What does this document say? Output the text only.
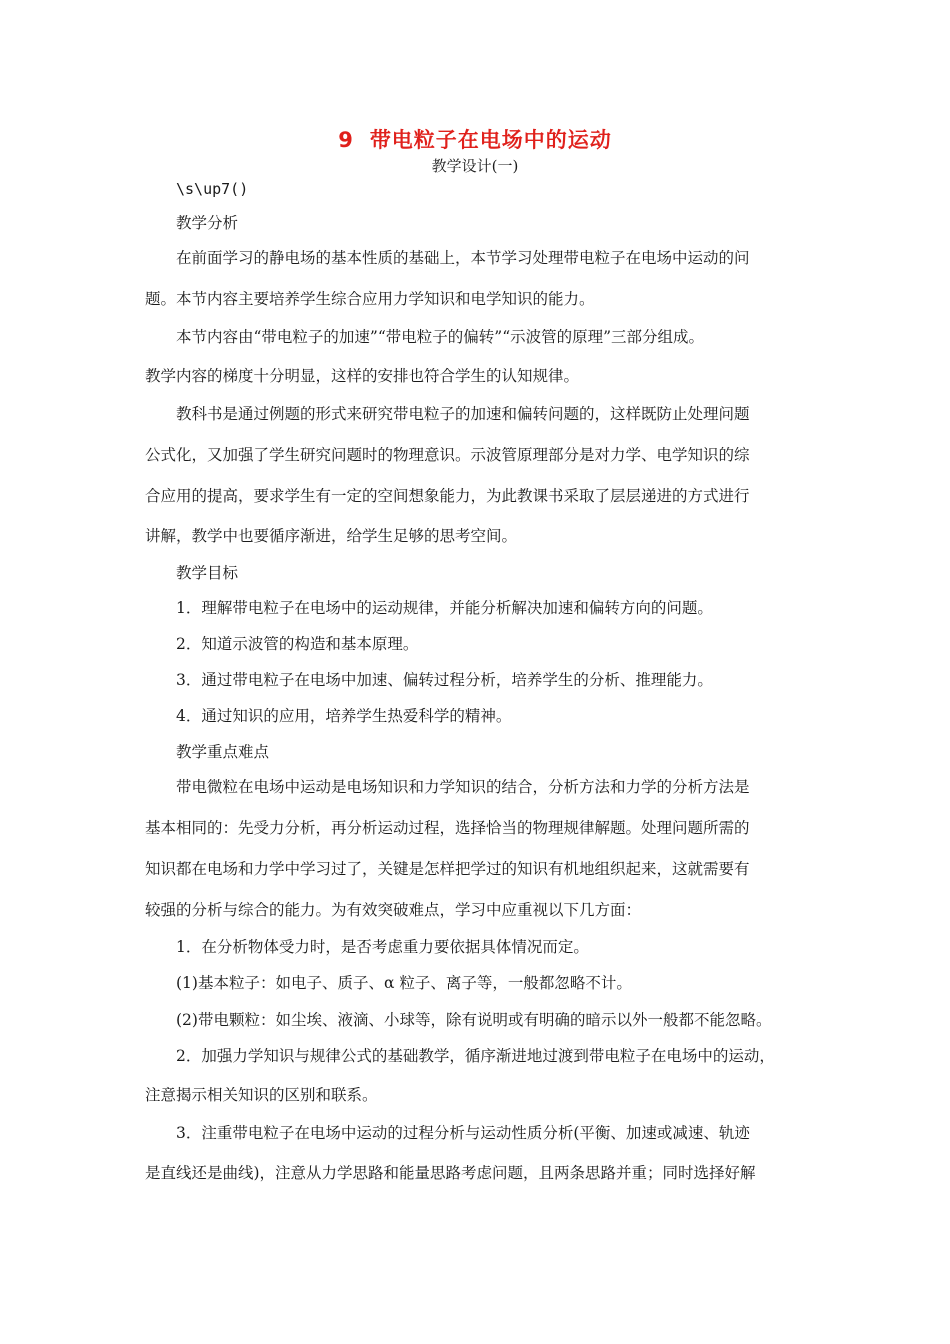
9 带电粒子在电场中的运动
教学设计(一)
\s\up7()
教学分析
在前面学习的静电场的基本性质的基础上，本节学习处理带电粒子在电场中运动的问
题。本节内容主要培养学生综合应用力学知识和电学知识的能力。
本节内容由“带电粒子的加速”“带电粒子的偏转”“示波管的原理”三部分组成。
教学内容的梯度十分明显，这样的安排也符合学生的认知规律。
教科书是通过例题的形式来研究带电粒子的加速和偏转问题的，这样既防止处理问题
公式化，又加强了学生研究问题时的物理意识。示波管原理部分是对力学、电学知识的综
合应用的提高，要求学生有一定的空间想象能力，为此教课书采取了层层递进的方式进行
讲解，教学中也要循序渐进，给学生足够的思考空间。
教学目标
1．理解带电粒子在电场中的运动规律，并能分析解决加速和偏转方向的问题。
2．知道示波管的构造和基本原理。
3．通过带电粒子在电场中加速、偏转过程分析，培养学生的分析、推理能力。
4．通过知识的应用，培养学生热爱科学的精神。
教学重点难点
带电微粒在电场中运动是电场知识和力学知识的结合，分析方法和力学的分析方法是
基本相同的：先受力分析，再分析运动过程，选择恰当的物理规律解题。处理问题所需的
知识都在电场和力学中学习过了，关键是怎样把学过的知识有机地组织起来，这就需要有
较强的分析与综合的能力。为有效突破难点，学习中应重视以下几方面：
1．在分析物体受力时，是否考虑重力要依据具体情况而定。
(1)基本粒子：如电子、质子、α 粒子、离子等，一般都忽略不计。
(2)带电颗粒：如尘埃、液滴、小球等，除有说明或有明确的暗示以外一般都不能忽略。
2．加强力学知识与规律公式的基础教学，循序渐进地过渡到带电粒子在电场中的运动，
注意揭示相关知识的区别和联系。
3．注重带电粒子在电场中运动的过程分析与运动性质分析(平衡、加速或减速、轨迹
是直线还是曲线)，注意从力学思路和能量思路考虑问题，且两条思路并重；同时选择好解
